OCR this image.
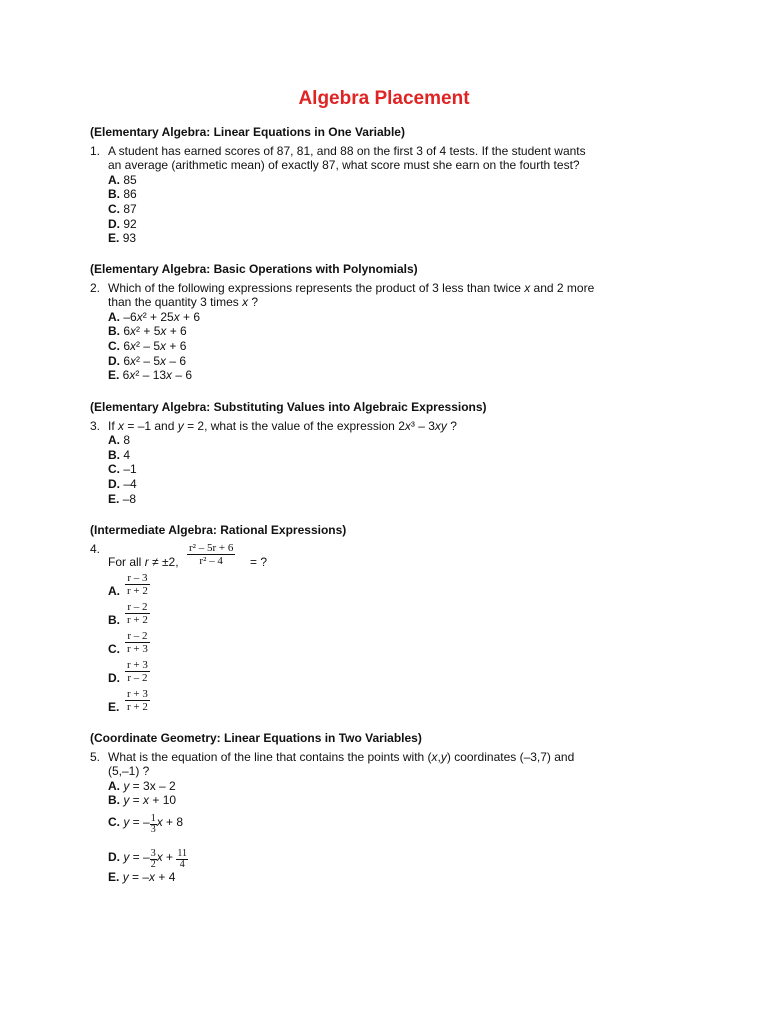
Algebra Placement
(Elementary Algebra: Linear Equations in One Variable)
1. A student has earned scores of 87, 81, and 88 on the first 3 of 4 tests. If the student wants
an average (arithmetic mean) of exactly 87, what score must she earn on the fourth test?
A. 85
B. 86
C. 87
D. 92
E. 93
(Elementary Algebra: Basic Operations with Polynomials)
2. Which of the following expressions represents the product of 3 less than twice x and 2 more
than the quantity 3 times x ?
A. –6x² + 25x + 6
B. 6x² + 5x + 6
C. 6x² – 5x + 6
D. 6x² – 5x – 6
E. 6x² – 13x – 6
(Elementary Algebra: Substituting Values into Algebraic Expressions)
3. If x = –1 and y = 2, what is the value of the expression 2x³ – 3xy ?
A. 8
B. 4
C. –1
D. –4
E. –8
(Intermediate Algebra: Rational Expressions)
4.
For all r ≠ ±2, $\frac{\text{r² – 5r + 6}}{\text{r² – 4}}$ = ?
A. $\frac{r - 3}{r + 2}$
B. $\frac{r - 2}{r + 2}$
C. $\frac{r - 2}{r + 3}$
D. $\frac{r + 3}{r - 2}$
E. $\frac{r + 3}{r + 2}$
(Coordinate Geometry: Linear Equations in Two Variables)
5. What is the equation of the line that contains the points with (x,y) coordinates (–3,7) and
(5,–1) ?
A. y = 3x – 2
B. y = x + 10
C. y = – $\frac{1}{3}$ x + 8
D. y = – $\frac{3}{2}$ $x + \frac{11}{4}$
E. y = –x + 4
